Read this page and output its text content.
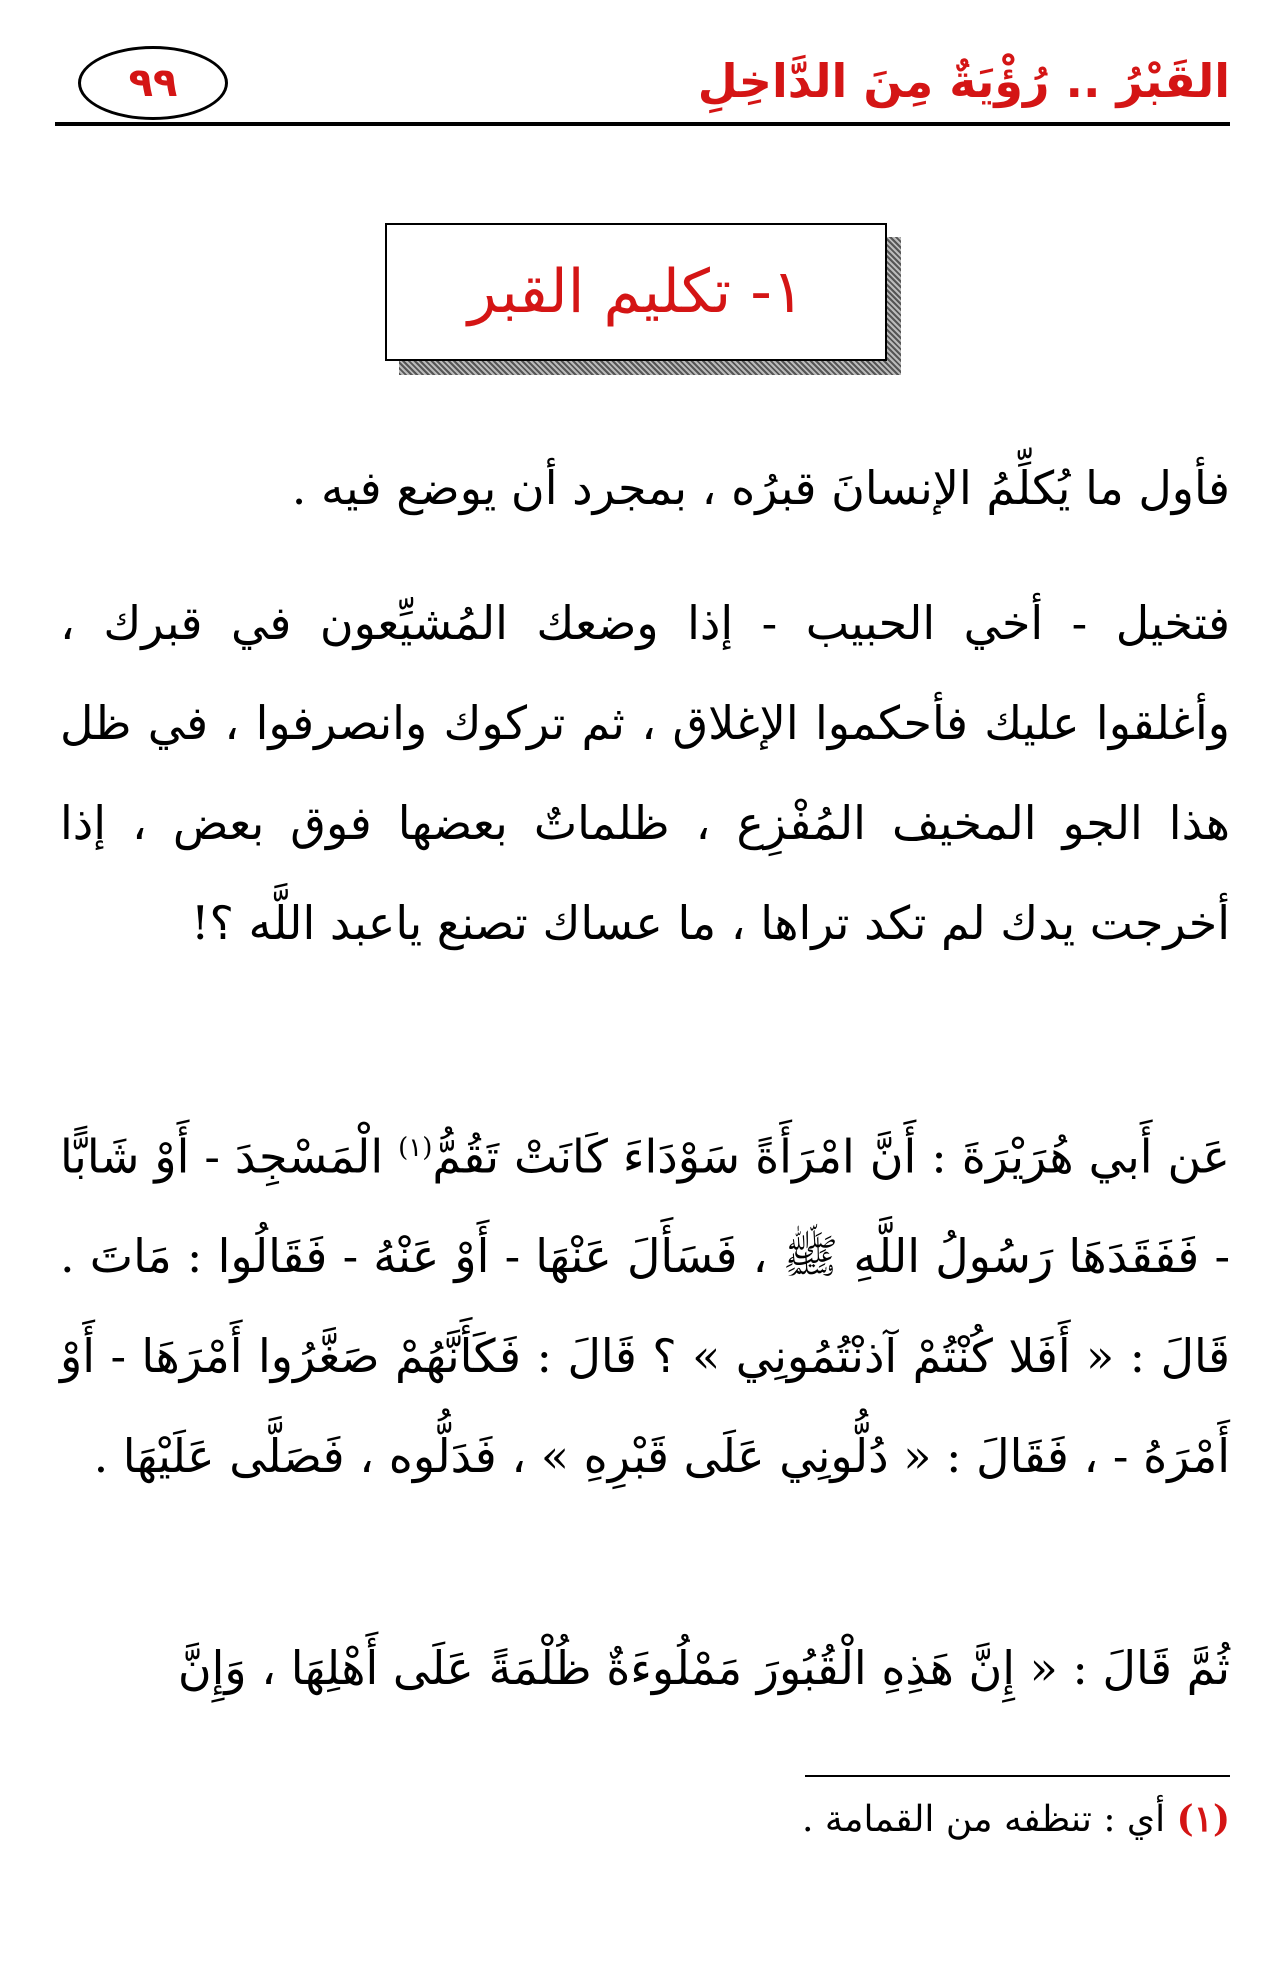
القَبْرُ .. رُؤْيَةٌ مِنَ الدَّاخِلِ
٩٩
١- تكليم القبر

فأول ما يُكلِّمُ الإنسانَ قبرُه ، بمجرد أن يوضع فيه .

فتخيل - أخي الحبيب - إذا وضعك المُشيِّعون في قبرك ، وأغلقوا عليك فأحكموا الإغلاق ، ثم تركوك وانصرفوا ، في ظل هذا الجو المخيف المُفْزِع ، ظلماتٌ بعضها فوق بعض ، إذا أخرجت يدك لم تكد تراها ، ما عساك تصنع ياعبد اللَّه ؟!

عَن أَبي هُرَيْرَةَ : أَنَّ امْرَأَةً سَوْدَاءَ كَانَتْ تَقُمُّ$^{(١)}$ الْمَسْجِدَ - أَوْ شَابًّا - فَفَقَدَهَا رَسُولُ اللَّهِ ﷺ ، فَسَأَلَ عَنْهَا - أَوْ عَنْهُ - فَقَالُوا : مَاتَ . قَالَ : « أَفَلا كُنْتُمْ آذنْتُمُونِي » ؟ قَالَ : فَكَأَنَّهُمْ صَغَّرُوا أَمْرَهَا - أَوْ أَمْرَهُ - ، فَقَالَ : « دُلُّونِي عَلَى قَبْرِهِ » ، فَدَلُّوه ، فَصَلَّى عَلَيْهَا .

ثُمَّ قَالَ : « إِنَّ هَذِهِ الْقُبُورَ مَمْلُوءَةٌ ظُلْمَةً عَلَى أَهْلِهَا ، وَإِنَّ

(١) أي : تنظفه من القمامة .
